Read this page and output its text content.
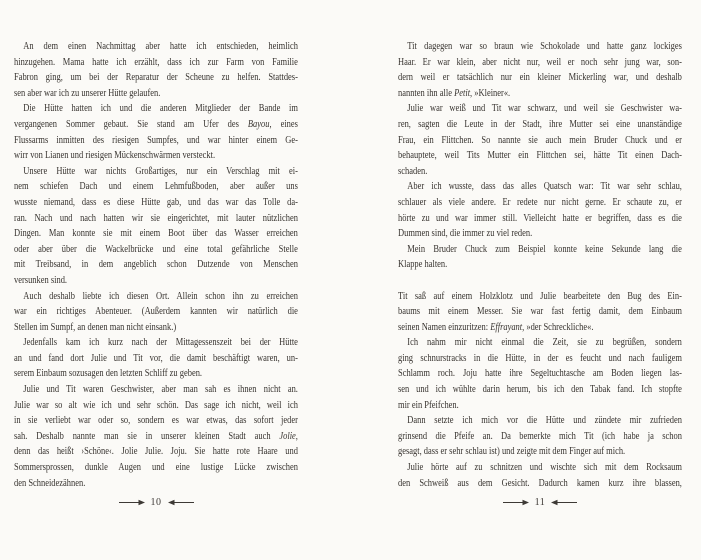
An dem einen Nachmittag aber hatte ich entschieden, heimlich
hinzugehen. Mama hatte ich erzählt, dass ich zur Farm von Familie
Fabron ging, um bei der Reparatur der Scheune zu helfen. Stattdes-
sen aber war ich zu unserer Hütte gelaufen.
Die Hütte hatten ich und die anderen Mitglieder der Bande im
vergangenen Sommer gebaut. Sie stand am Ufer des Bayou, eines
Flussarms inmitten des riesigen Sumpfes, und war hinter einem Ge-
wirr von Lianen und riesigen Mückenschwärmen versteckt.
Unsere Hütte war nichts Großartiges, nur ein Verschlag mit ei-
nem schiefen Dach und einem Lehmfußboden, aber außer uns
wusste niemand, dass es diese Hütte gab, und das war das Tolle da-
ran. Nach und nach hatten wir sie eingerichtet, mit lauter nützlichen
Dingen. Man konnte sie mit einem Boot über das Wasser erreichen
oder aber über die Wackelbrücke und eine total gefährliche Stelle
mit Treibsand, in dem angeblich schon Dutzende von Menschen
versunken sind.
Auch deshalb liebte ich diesen Ort. Allein schon ihn zu erreichen
war ein richtiges Abenteuer. (Außerdem kannten wir natürlich die
Stellen im Sumpf, an denen man nicht einsank.)
Jedenfalls kam ich kurz nach der Mittagessenszeit bei der Hütte
an und fand dort Julie und Tit vor, die damit beschäftigt waren, un-
serem Einbaum sozusagen den letzten Schliff zu geben.
Julie und Tit waren Geschwister, aber man sah es ihnen nicht an.
Julie war so alt wie ich und sehr schön. Das sage ich nicht, weil ich
in sie verliebt war oder so, sondern es war etwas, das sofort jeder
sah. Deshalb nannte man sie in unserer kleinen Stadt auch Jolie,
denn das heißt ›Schöne‹. Jolie Julie. Joju. Sie hatte rote Haare und
Sommersprossen, dunkle Augen und eine lustige Lücke zwischen
den Schneidezähnen.
Tit dagegen war so braun wie Schokolade und hatte ganz lockiges
Haar. Er war klein, aber nicht nur, weil er noch sehr jung war, son-
dern weil er tatsächlich nur ein kleiner Mickerling war, und deshalb
nannten ihn alle Petit, »Kleiner«.
Julie war weiß und Tit war schwarz, und weil sie Geschwister wa-
ren, sagten die Leute in der Stadt, ihre Mutter sei eine unanständige
Frau, ein Flittchen. So nannte sie auch mein Bruder Chuck und er
behauptete, weil Tits Mutter ein Flittchen sei, hätte Tit einen Dach-
schaden.
Aber ich wusste, dass das alles Quatsch war: Tit war sehr schlau,
schlauer als viele andere. Er redete nur nicht gerne. Er schaute zu, er
hörte zu und war immer still. Vielleicht hatte er begriffen, dass es die
Dummen sind, die immer zu viel reden.
Mein Bruder Chuck zum Beispiel konnte keine Sekunde lang die
Klappe halten.
Tit saß auf einem Holzklotz und Julie bearbeitete den Bug des Ein-
baums mit einem Messer. Sie war fast fertig damit, dem Einbaum
seinen Namen einzuritzen: Effrayant, »der Schreckliche«.
Ich nahm mir nicht einmal die Zeit, sie zu begrüßen, sondern
ging schnurstracks in die Hütte, in der es feucht und nach fauligem
Schlamm roch. Joju hatte ihre Segeltuchtasche am Boden liegen las-
sen und ich wühlte darin herum, bis ich den Tabak fand. Ich stopfte
mir ein Pfeifchen.
Dann setzte ich mich vor die Hütte und zündete mir zufrieden
grinsend die Pfeife an. Da bemerkte mich Tit (ich habe ja schon
gesagt, dass er sehr schlau ist) und zeigte mit dem Finger auf mich.
Julie hörte auf zu schnitzen und wischte sich mit dem Rocksaum
den Schweiß aus dem Gesicht. Dadurch kamen kurz ihre blassen,
10	11
